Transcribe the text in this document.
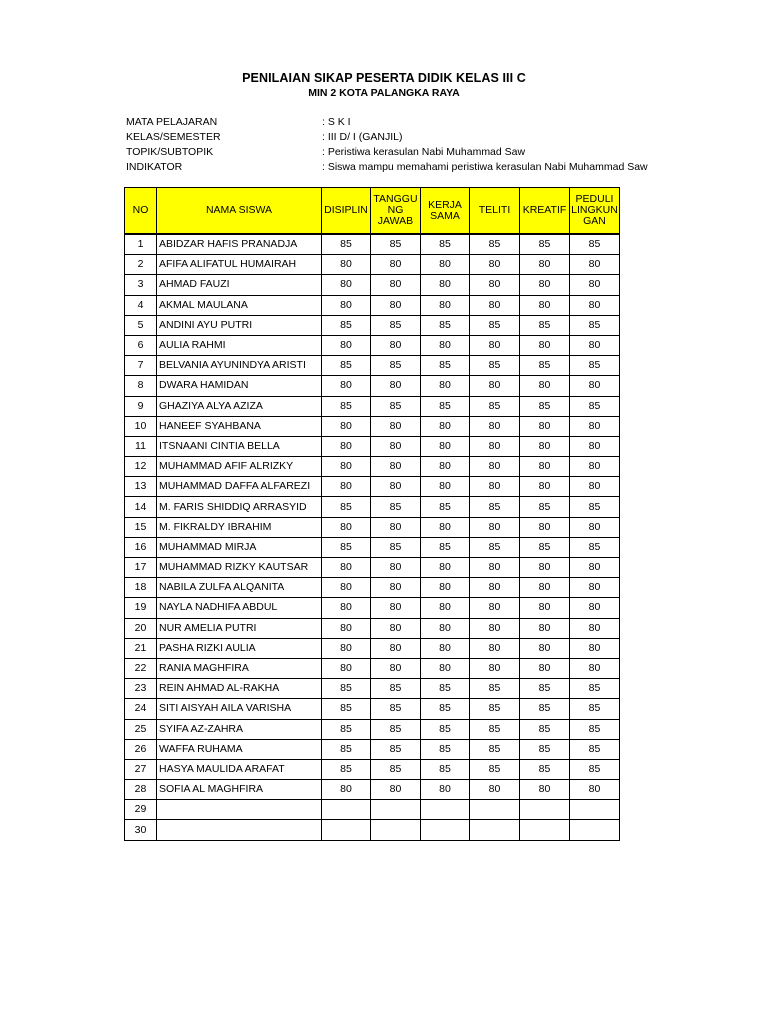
PENILAIAN SIKAP PESERTA DIDIK KELAS III C
MIN 2 KOTA PALANGKA RAYA
MATA PELAJARAN	: S K I
KELAS/SEMESTER	: III D/ I (GANJIL)
TOPIK/SUBTOPIK	: Peristiwa kerasulan Nabi Muhammad Saw
INDIKATOR	: Siswa mampu memahami peristiwa kerasulan Nabi Muhammad Saw
NO	NAMA SISWA	DISIPLIN	TANGGU NG JAWAB	KERJA SAMA	TELITI	KREATIF	PEDULI LINGKUN GAN
1	ABIDZAR HAFIS PRANADJA	85	85	85	85	85	85
2	AFIFA ALIFATUL HUMAIRAH	80	80	80	80	80	80
3	AHMAD FAUZI	80	80	80	80	80	80
4	AKMAL MAULANA	80	80	80	80	80	80
5	ANDINI AYU PUTRI	85	85	85	85	85	85
6	AULIA RAHMI	80	80	80	80	80	80
7	BELVANIA AYUNINDYA ARISTI	85	85	85	85	85	85
8	DWARA HAMIDAN	80	80	80	80	80	80
9	GHAZIYA ALYA AZIZA	85	85	85	85	85	85
10	HANEEF SYAHBANA	80	80	80	80	80	80
11	ITSNAANI CINTIA BELLA	80	80	80	80	80	80
12	MUHAMMAD AFIF ALRIZKY	80	80	80	80	80	80
13	MUHAMMAD DAFFA ALFAREZI	80	80	80	80	80	80
14	M. FARIS SHIDDIQ ARRASYID	85	85	85	85	85	85
15	M. FIKRALDY IBRAHIM	80	80	80	80	80	80
16	MUHAMMAD MIRJA	85	85	85	85	85	85
17	MUHAMMAD RIZKY KAUTSAR	80	80	80	80	80	80
18	NABILA ZULFA ALQANITA	80	80	80	80	80	80
19	NAYLA NADHIFA ABDUL	80	80	80	80	80	80
20	NUR AMELIA PUTRI	80	80	80	80	80	80
21	PASHA RIZKI AULIA	80	80	80	80	80	80
22	RANIA MAGHFIRA	80	80	80	80	80	80
23	REIN AHMAD AL-RAKHA	85	85	85	85	85	85
24	SITI AISYAH AILA VARISHA	85	85	85	85	85	85
25	SYIFA AZ-ZAHRA	85	85	85	85	85	85
26	WAFFA RUHAMA	85	85	85	85	85	85
27	HASYA MAULIDA ARAFAT	85	85	85	85	85	85
28	SOFIA AL MAGHFIRA	80	80	80	80	80	80
29							
30							
